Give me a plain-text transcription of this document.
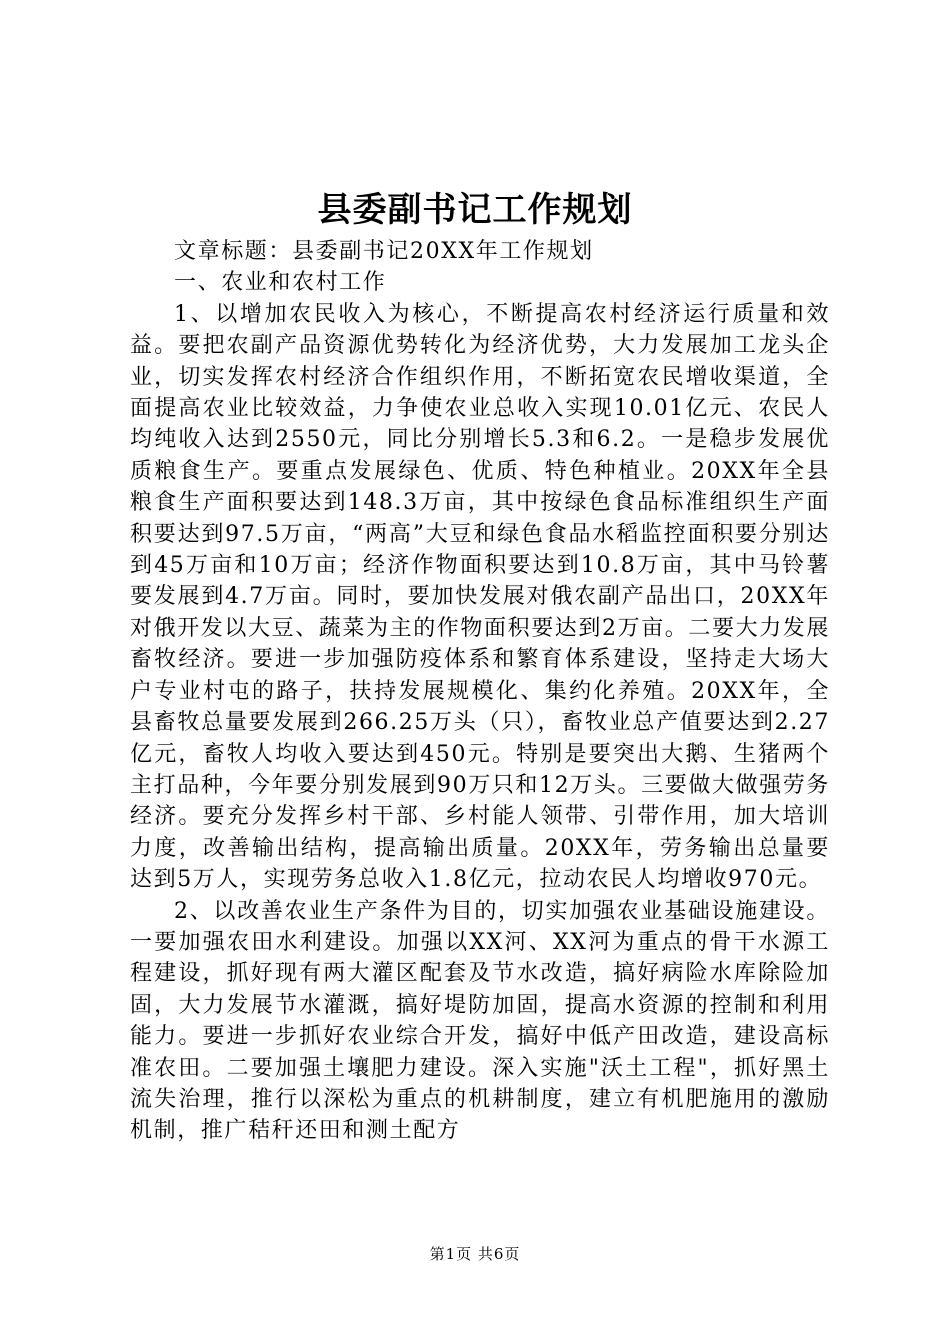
县委副书记工作规划

文章标题：县委副书记20XX年工作规划

一、农业和农村工作

1、以增加农民收入为核心，不断提高农村经济运行质量和效益。要把农副产品资源优势转化为经济优势，大力发展加工龙头企业，切实发挥农村经济合作组织作用，不断拓宽农民增收渠道，全面提高农业比较效益，力争使农业总收入实现10.01亿元、农民人均纯收入达到2550元，同比分别增长5.3和6.2。一是稳步发展优质粮食生产。要重点发展绿色、优质、特色种植业。20XX年全县粮食生产面积要达到148.3万亩，其中按绿色食品标准组织生产面积要达到97.5万亩，“两高”大豆和绿色食品水稻监控面积要分别达到45万亩和10万亩；经济作物面积要达到10.8万亩，其中马铃薯要发展到4.7万亩。同时，要加快发展对俄农副产品出口，20XX年对俄开发以大豆、蔬菜为主的作物面积要达到2万亩。二要大力发展畜牧经济。要进一步加强防疫体系和繁育体系建设，坚持走大场大户专业村屯的路子，扶持发展规模化、集约化养殖。20XX年，全县畜牧总量要发展到266.25万头（只），畜牧业总产值要达到2.27亿元，畜牧人均收入要达到450元。特别是要突出大鹅、生猪两个主打品种，今年要分别发展到90万只和12万头。三要做大做强劳务经济。要充分发挥乡村干部、乡村能人领带、引带作用，加大培训力度，改善输出结构，提高输出质量。20XX年，劳务输出总量要达到5万人，实现劳务总收入1.8亿元，拉动农民人均增收970元。

2、以改善农业生产条件为目的，切实加强农业基础设施建设。一要加强农田水利建设。加强以XX河、XX河为重点的骨干水源工程建设，抓好现有两大灌区配套及节水改造，搞好病险水库除险加固，大力发展节水灌溉，搞好堤防加固，提高水资源的控制和利用能力。要进一步抓好农业综合开发，搞好中低产田改造，建设高标准农田。二要加强土壤肥力建设。深入实施"沃土工程"，抓好黑土流失治理，推行以深松为重点的机耕制度，建立有机肥施用的激励机制，推广秸秆还田和测土配方

第1页 共6页
